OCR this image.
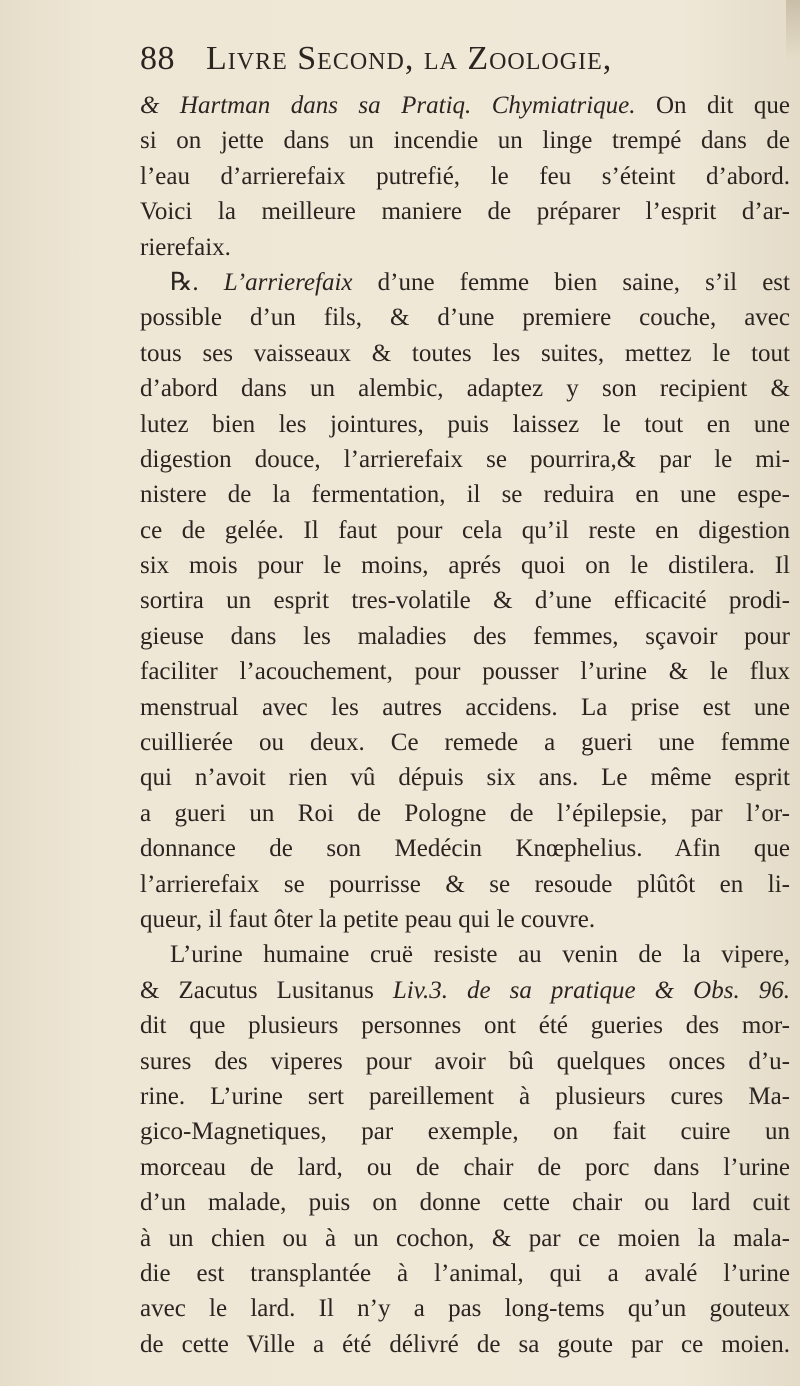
88 Livre Second, la Zoologie,
& Hartman dans sa Pratiq. Chymiatrique. On dit que
si on jette dans un incendie un linge trempé dans de
l’eau d’arrierefaix putrefié, le feu s’éteint d’abord.
Voici la meilleure maniere de préparer l’esprit d’ar-
rierefaix.
℞. L’arrierefaix d’une femme bien saine, s’il est
possible d’un fils, & d’une premiere couche, avec
tous ses vaisseaux & toutes les suites, mettez le tout
d’abord dans un alembic, adaptez y son recipient &
lutez bien les jointures, puis laissez le tout en une
digestion douce, l’arrierefaix se pourrira,& par le mi-
nistere de la fermentation, il se reduira en une espe-
ce de gelée. Il faut pour cela qu’il reste en digestion
six mois pour le moins, aprés quoi on le distilera. Il
sortira un esprit tres-volatile & d’une efficacité prodi-
gieuse dans les maladies des femmes, sçavoir pour
faciliter l’acouchement, pour pousser l’urine & le flux
menstrual avec les autres accidens. La prise est une
cuillierée ou deux. Ce remede a gueri une femme
qui n’avoit rien vû dépuis six ans. Le même esprit
a gueri un Roi de Pologne de l’épilepsie, par l’or-
donnance de son Medécin Knœphelius. Afin que
l’arrierefaix se pourrisse & se resoude plûtôt en li-
queur, il faut ôter la petite peau qui le couvre.
L’urine humaine cruë resiste au venin de la vipere,
& Zacutus Lusitanus Liv.3. de sa pratique & Obs. 96.
dit que plusieurs personnes ont été gueries des mor-
sures des viperes pour avoir bû quelques onces d’u-
rine. L’urine sert pareillement à plusieurs cures Ma-
gico-Magnetiques, par exemple, on fait cuire un
morceau de lard, ou de chair de porc dans l’urine
d’un malade, puis on donne cette chair ou lard cuit
à un chien ou à un cochon, & par ce moien la mala-
die est transplantée à l’animal, qui a avalé l’urine
avec le lard. Il n’y a pas long-tems qu’un gouteux
de cette Ville a été délivré de sa goute par ce moien.
